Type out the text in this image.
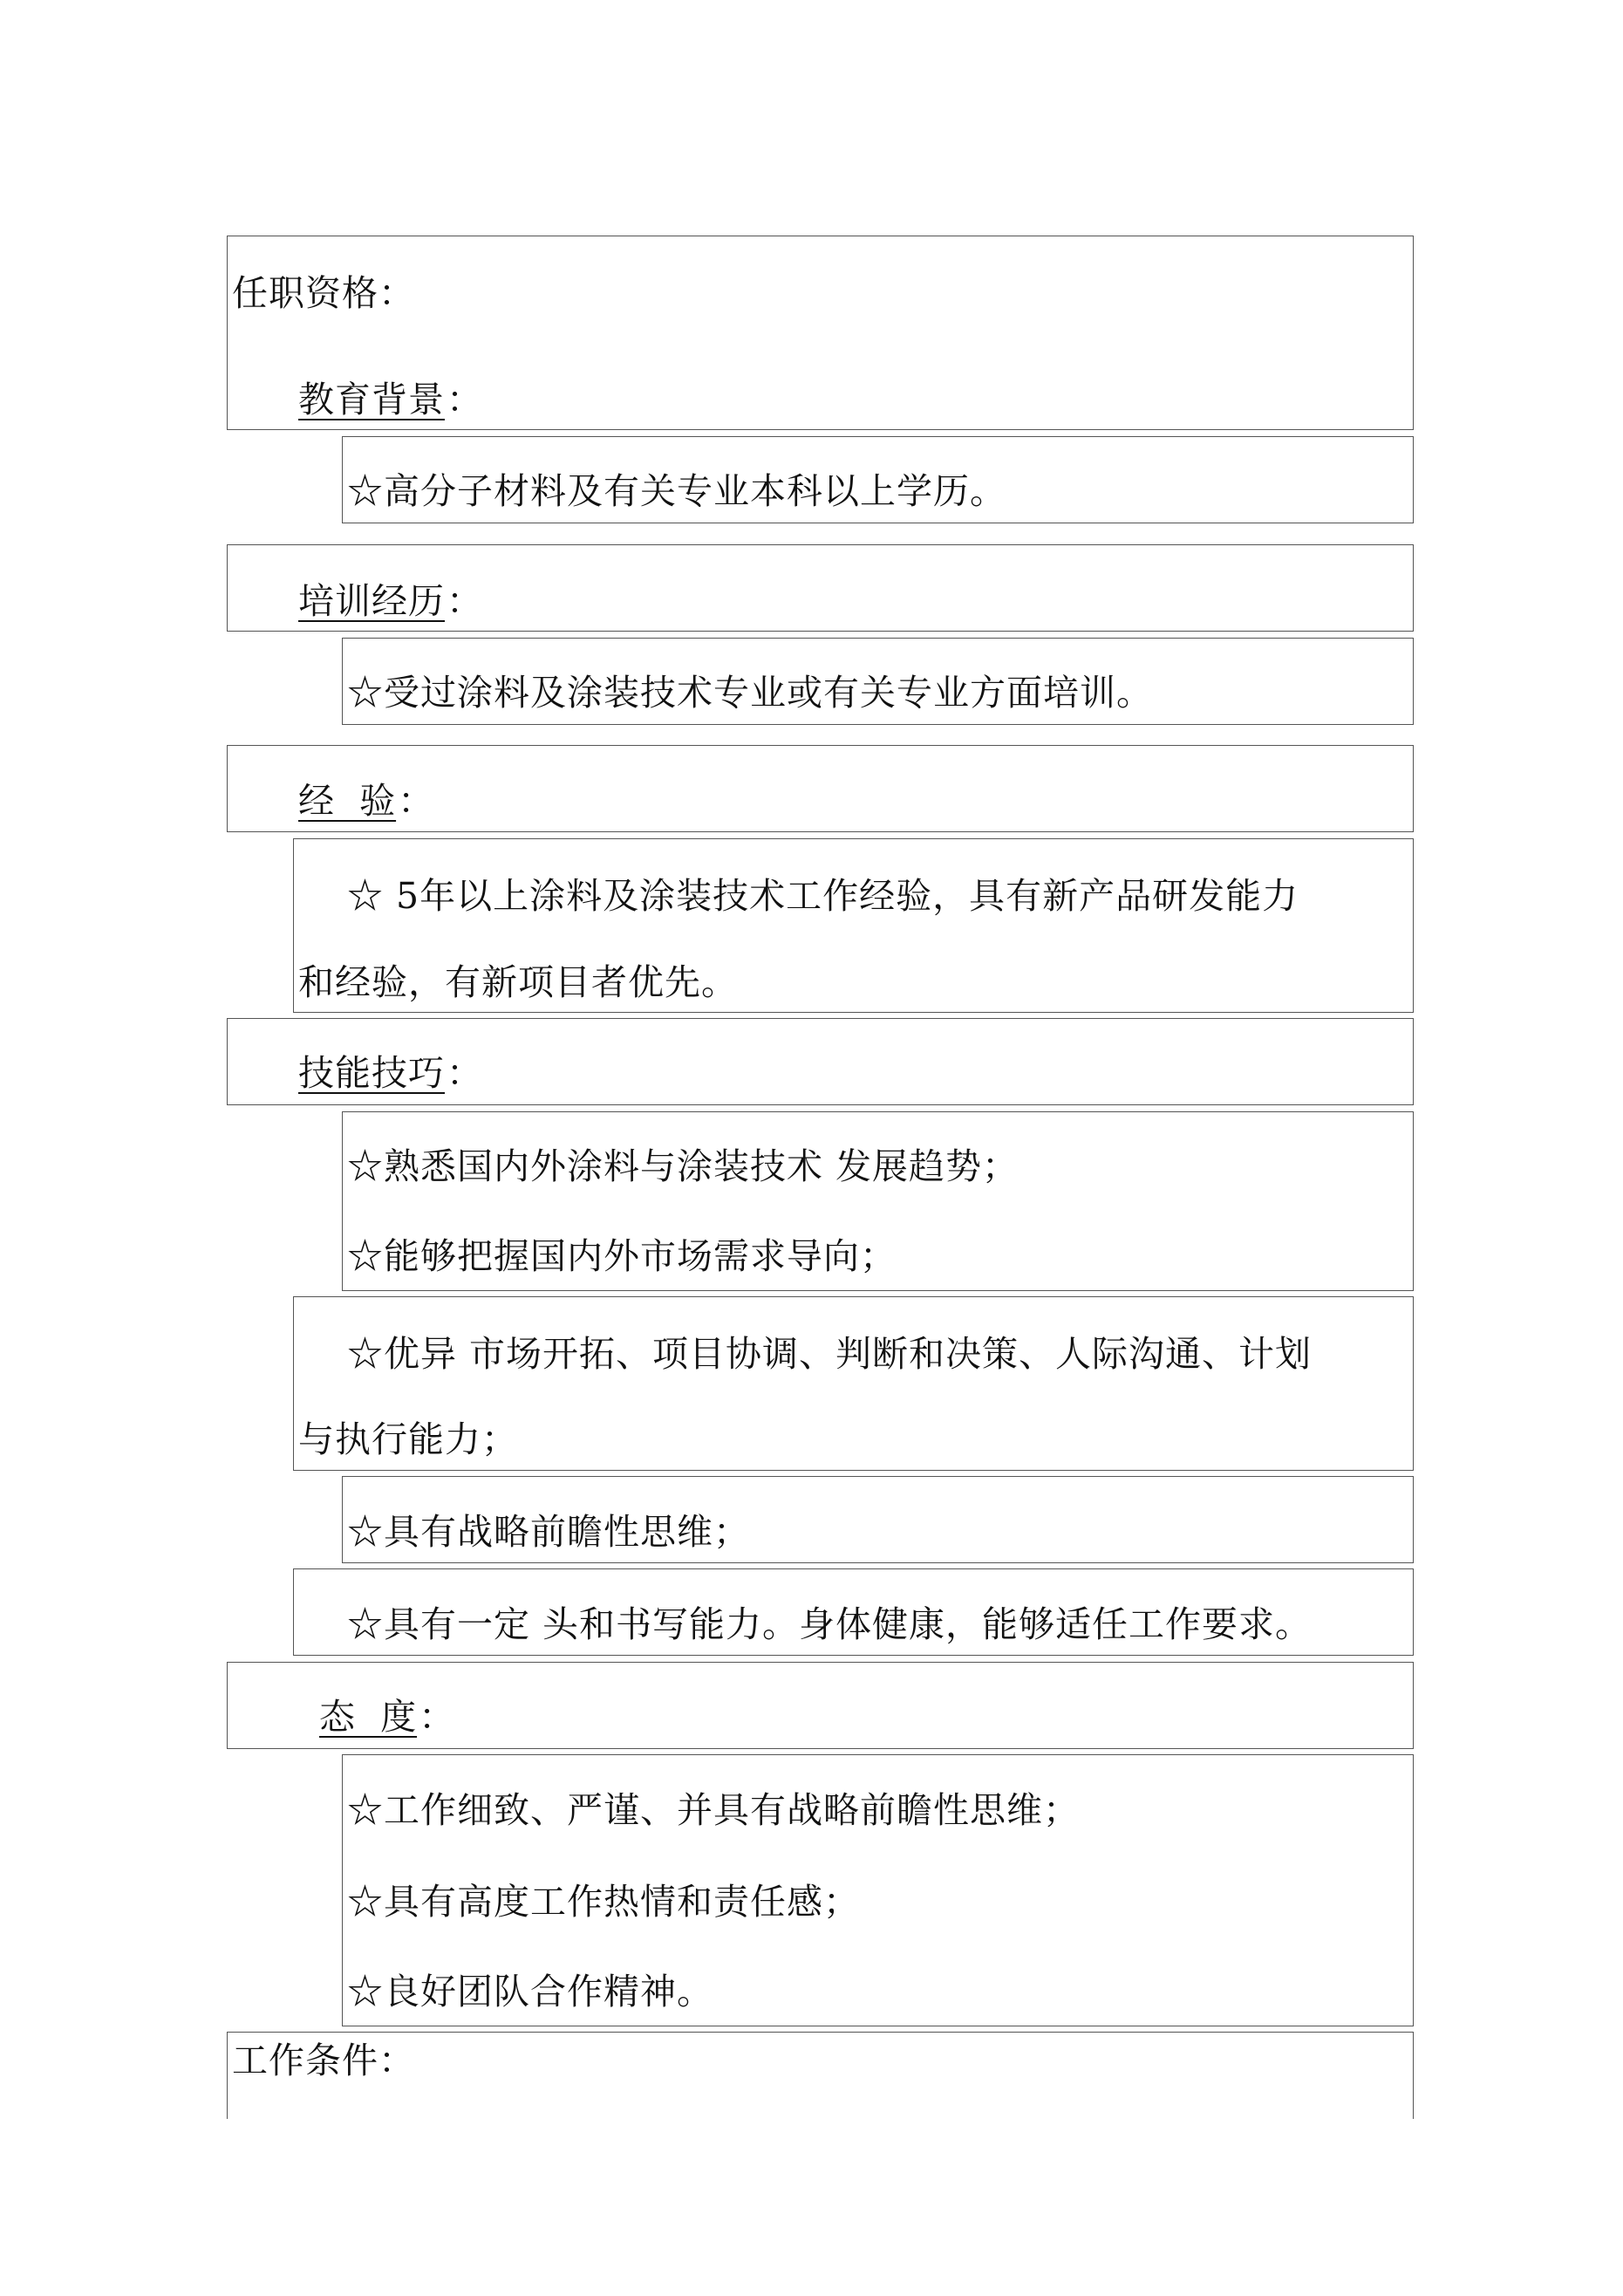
任职资格：
教育背景：
☆高分子材料及有关专业本科以上学历。
培训经历：
☆受过涂料及涂装技术专业或有关专业方面培训。
经  验：
☆ 5年以上涂料及涂装技术工作经验，具有新产品研发能力
和经验，有新项目者优先。
技能技巧：
☆熟悉国内外涂料与涂装技术 发展趋势；
☆能够把握国内外市场需求导向；
☆优异 市场开拓、项目协调、判断和决策、人际沟通、计划
与执行能力；
☆具有战略前瞻性思维；
☆具有一定 头和书写能力。身体健康，能够适任工作要求。
态  度：
☆工作细致、严谨、并具有战略前瞻性思维；
☆具有高度工作热情和责任感；
☆良好团队合作精神。
工作条件：
